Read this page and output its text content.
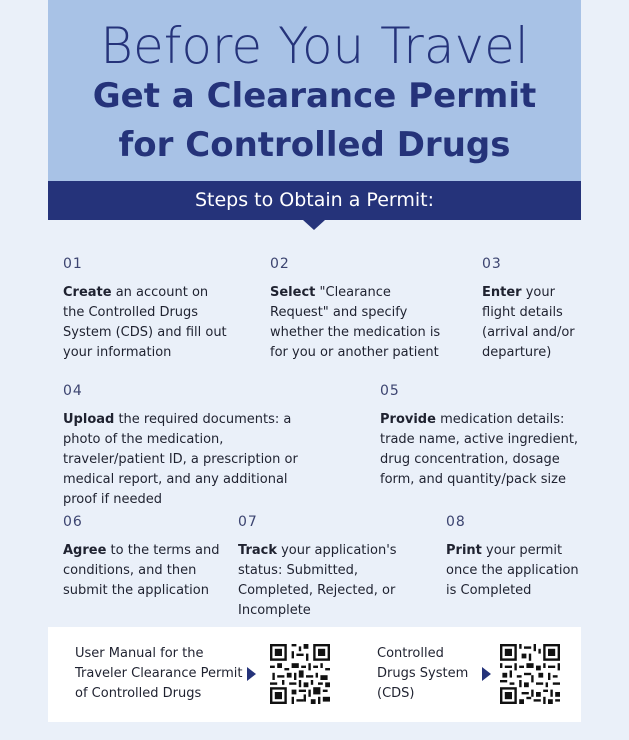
Before You Travel
Get a Clearance Permit
for Controlled Drugs
Steps to Obtain a Permit:
01
Create an account on the Controlled Drugs System (CDS) and fill out your information
02
Select "Clearance Request" and specify whether the medication is for you or another patient
03
Enter your flight details (arrival and/or departure)
04
Upload the required documents: a photo of the medication, traveler/patient ID, a prescription or medical report, and any additional proof if needed
05
Provide medication details: trade name, active ingredient, drug concentration, dosage form, and quantity/pack size
06
Agree to the terms and conditions, and then submit the application
07
Track your application's status: Submitted, Completed, Rejected, or Incomplete
08
Print your permit once the application is Completed
User Manual for the Traveler Clearance Permit of Controlled Drugs
Controlled Drugs System (CDS)
